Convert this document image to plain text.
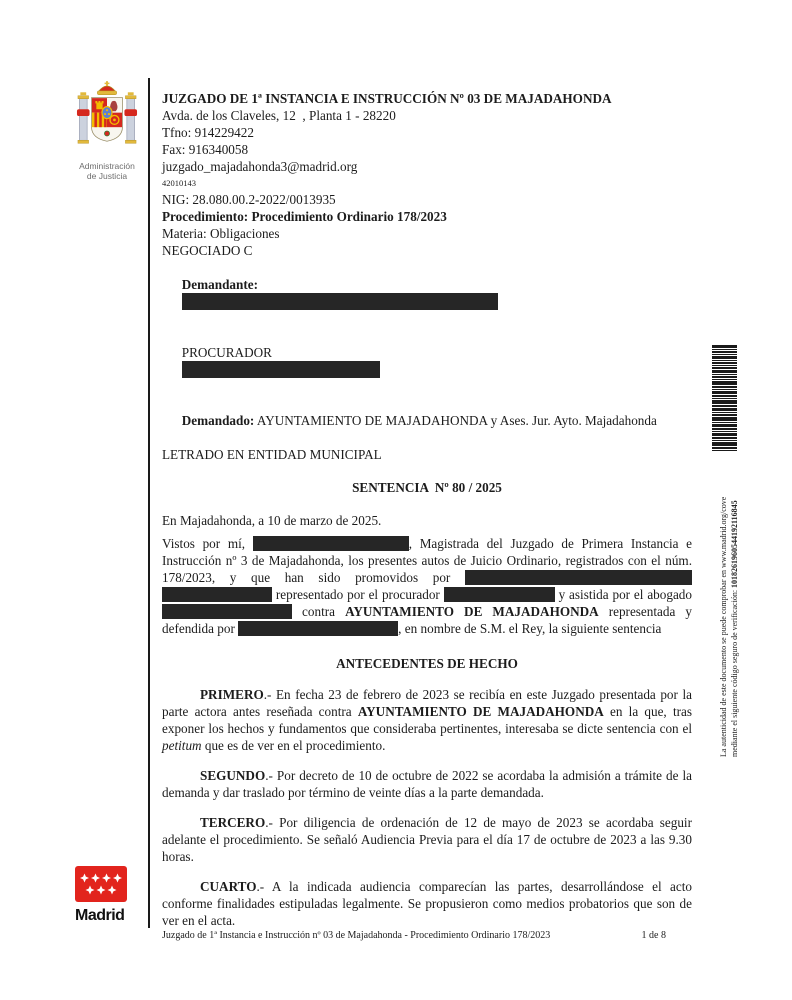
Administración
de Justicia
JUZGADO DE 1ª INSTANCIA E INSTRUCCIÓN Nº 03 DE MAJADAHONDA
Avda. de los Claveles, 12  , Planta 1 - 28220
Tfno: 914229422
Fax: 916340058
juzgado_majadahonda3@madrid.org
42010143
NIG: 28.080.00.2-2022/0013935
Procedimiento: Procedimiento Ordinario 178/2023
Materia: Obligaciones
NEGOCIADO C

Demandante:

PROCURADOR

Demandado: AYUNTAMIENTO DE MAJADAHONDA y Ases. Jur. Ayto. Majadahonda

LETRADO EN ENTIDAD MUNICIPAL
SENTENCIA  Nº 80 / 2025
En Majadahonda, a 10 de marzo de 2025.

Vistos por mí,	, Magistrada del Juzgado de Primera Instancia e Instrucción nº 3 de Majadahonda, los presentes autos de Juicio Ordinario, registrados con el núm. 178/2023, y que han sido promovidos por   representado por el procurador	y asistida por el abogado  contra AYUNTAMIENTO DE MAJADAHONDA representada y defendida por	, en nombre de S.M. el Rey, la siguiente sentencia

ANTECEDENTES DE HECHO

PRIMERO.- En fecha 23 de febrero de 2023 se recibía en este Juzgado presentada por la parte actora antes reseñada contra AYUNTAMIENTO DE MAJADAHONDA en la que, tras exponer los hechos y fundamentos que consideraba pertinentes, interesaba se dicte sentencia con el petitum que es de ver en el procedimiento.

SEGUNDO.- Por decreto de 10 de octubre de 2022 se acordaba la admisión a trámite de la demanda y dar traslado por término de veinte días a la parte demandada.

TERCERO.- Por diligencia de ordenación de 12 de mayo de 2023 se acordaba seguir adelante el procedimiento. Se señaló Audiencia Previa para el día 17 de octubre de 2023 a las 9.30 horas.

CUARTO.- A la indicada audiencia comparecían las partes, desarrollándose el acto conforme finalidades estipuladas legalmente. Se propusieron como medios probatorios que son de ver en el acta.

La autenticidad de este documento se puede comprobar en www.madrid.org/cove mediante el siguiente código seguro de verificación: 1018261960544192116845
Madrid
Juzgado de 1ª Instancia e Instrucción nº 03 de Majadahonda - Procedimiento Ordinario 178/2023	1 de 8
